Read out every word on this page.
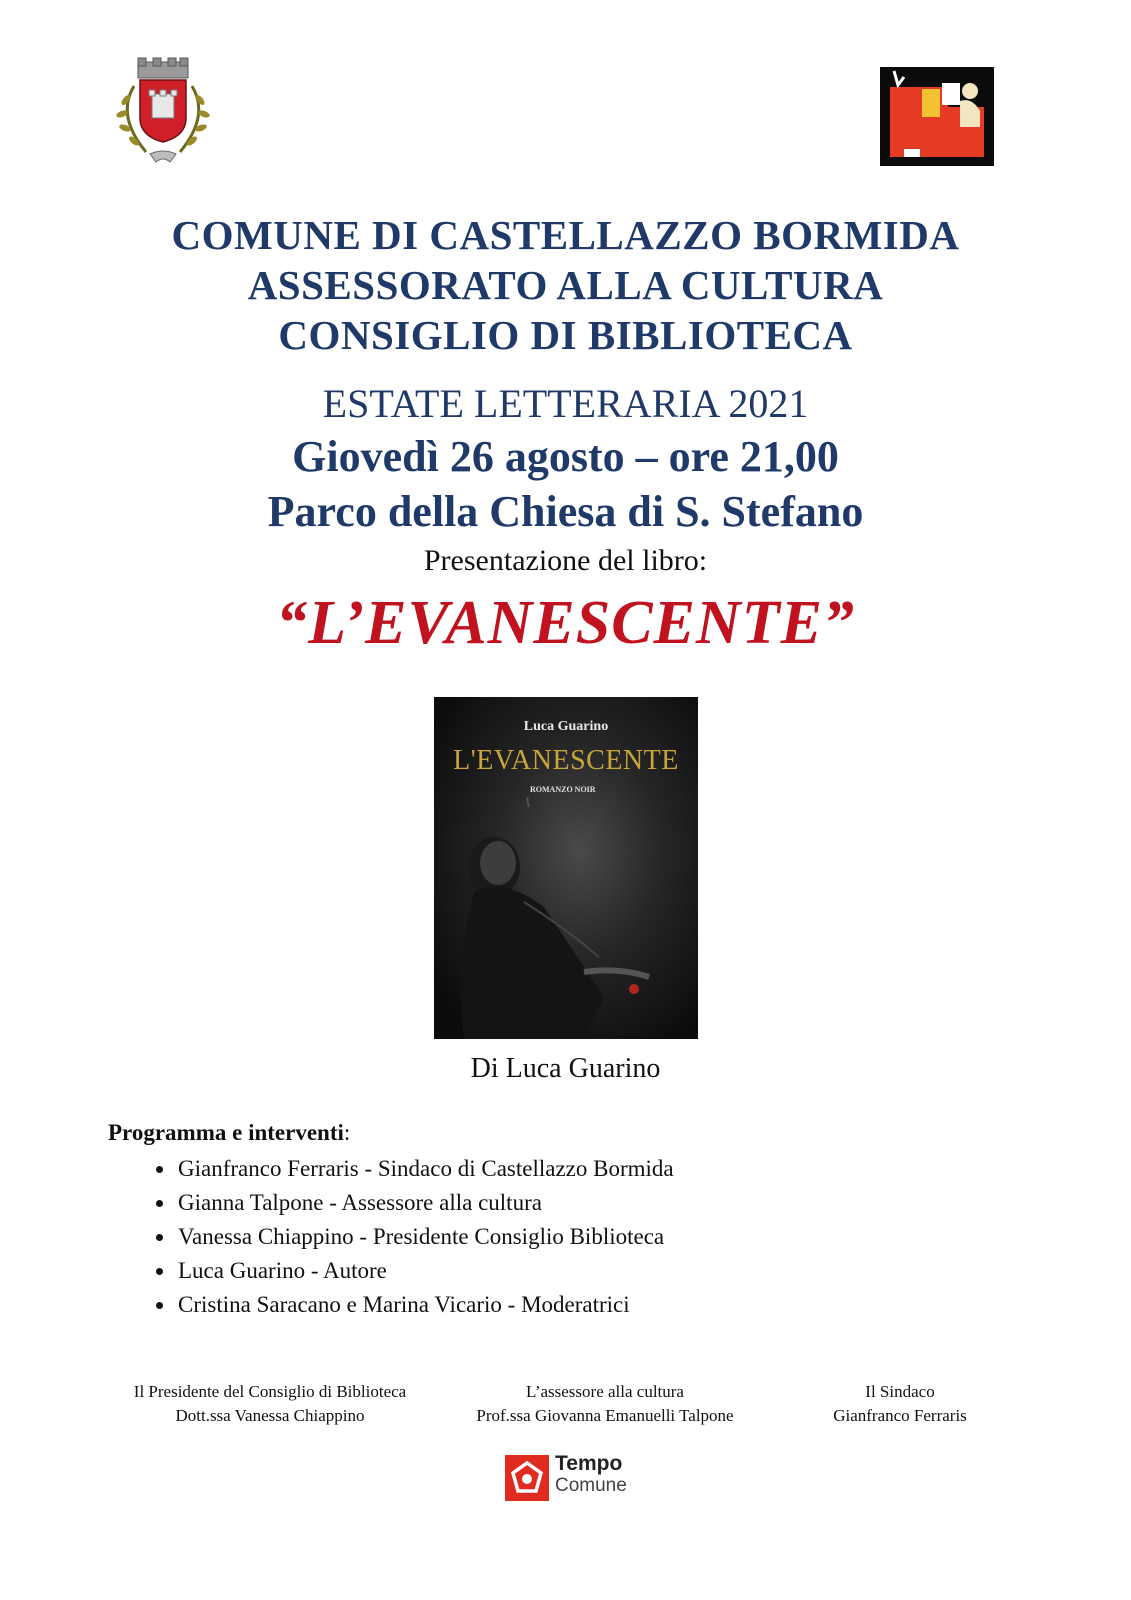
COMUNE DI CASTELLAZZO BORMIDA
ASSESSORATO ALLA CULTURA
CONSIGLIO DI BIBLIOTECA
ESTATE LETTERARIA 2021
Giovedì 26 agosto – ore 21,00
Parco della Chiesa di S. Stefano
Presentazione del libro:
“L’EVANESCENTE”
Luca Guarino
L'EVANESCENTE
ROMANZO NOIR
Di Luca Guarino
Programma e interventi:
• Gianfranco Ferraris - Sindaco di Castellazzo Bormida
• Gianna Talpone - Assessore alla cultura
• Vanessa Chiappino - Presidente Consiglio Biblioteca
• Luca Guarino - Autore
• Cristina Saracano e Marina Vicario - Moderatrici
Il Presidente del Consiglio di Biblioteca
Dott.ssa Vanessa Chiappino
L’assessore alla cultura
Prof.ssa Giovanna Emanuelli Talpone
Il Sindaco
Gianfranco Ferraris
Tempo
Comune
